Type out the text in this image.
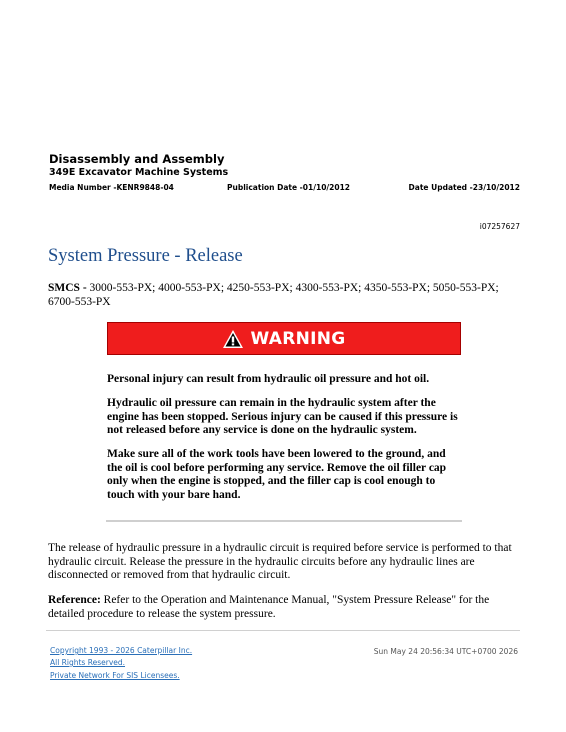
Disassembly and Assembly
349E Excavator Machine Systems
Media Number -KENR9848-04	Publication Date -01/10/2012	Date Updated -23/10/2012
i07257627
System Pressure - Release
SMCS - 3000-553-PX; 4000-553-PX; 4250-553-PX; 4300-553-PX; 4350-553-PX; 5050-553-PX; 6700-553-PX
WARNING

Personal injury can result from hydraulic oil pressure and hot oil.

Hydraulic oil pressure can remain in the hydraulic system after the engine has been stopped. Serious injury can be caused if this pressure is not released before any service is done on the hydraulic system.

Make sure all of the work tools have been lowered to the ground, and the oil is cool before performing any service. Remove the oil filler cap only when the engine is stopped, and the filler cap is cool enough to touch with your bare hand.

The release of hydraulic pressure in a hydraulic circuit is required before service is performed to that hydraulic circuit. Release the pressure in the hydraulic circuits before any hydraulic lines are disconnected or removed from that hydraulic circuit.

Reference: Refer to the Operation and Maintenance Manual, "System Pressure Release" for the detailed procedure to release the system pressure.

Copyright 1993 - 2026 Caterpillar Inc.
All Rights Reserved.
Private Network For SIS Licensees.
Sun May 24 20:56:34 UTC+0700 2026
